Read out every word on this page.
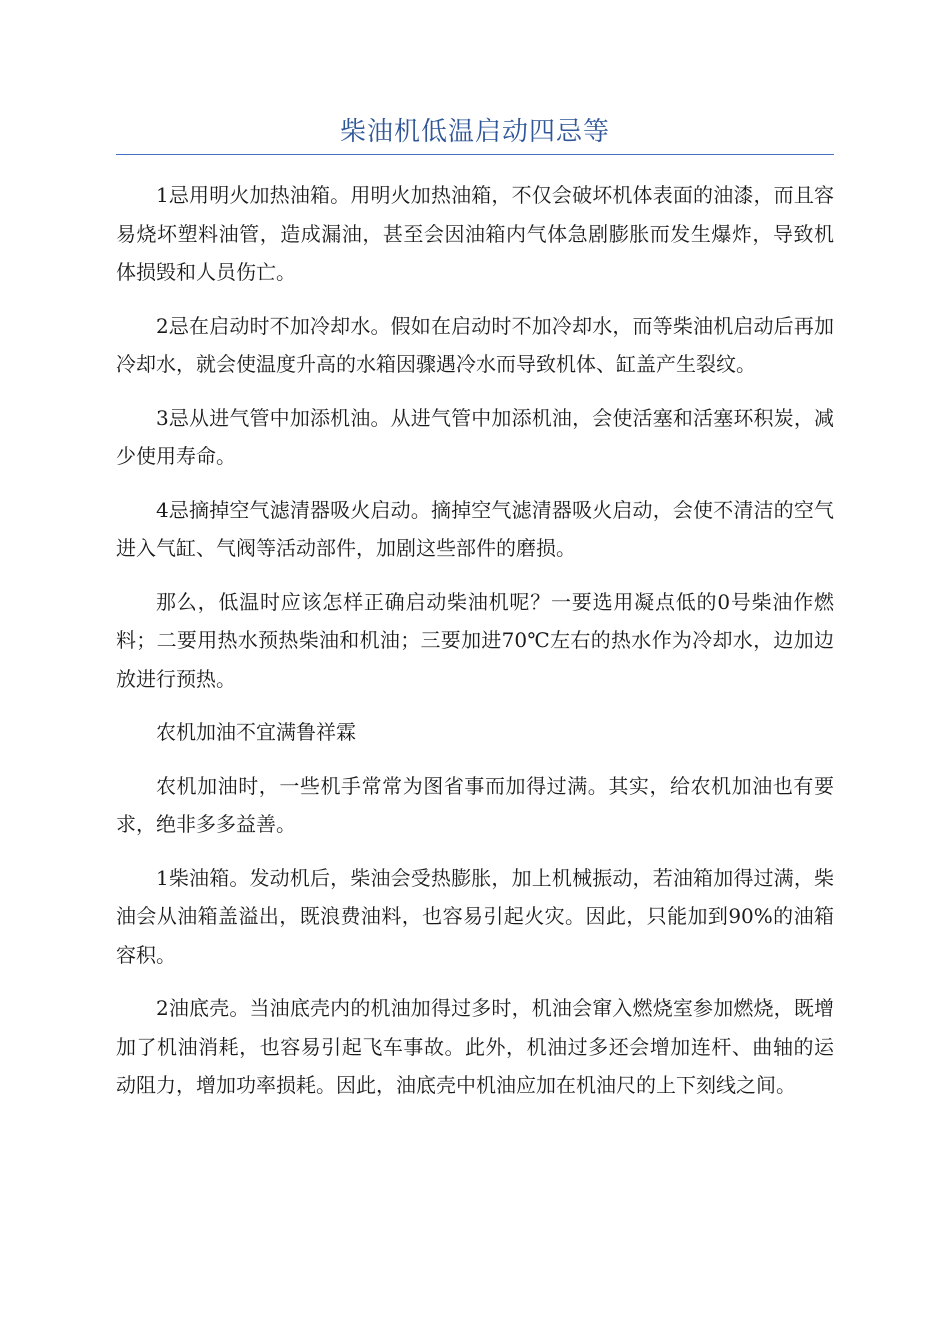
柴油机低温启动四忌等

1忌用明火加热油箱。用明火加热油箱，不仅会破坏机体表面的油漆，而且容易烧坏塑料油管，造成漏油，甚至会因油箱内气体急剧膨胀而发生爆炸，导致机体损毁和人员伤亡。

2忌在启动时不加冷却水。假如在启动时不加冷却水，而等柴油机启动后再加冷却水，就会使温度升高的水箱因骤遇冷水而导致机体、缸盖产生裂纹。

3忌从进气管中加添机油。从进气管中加添机油，会使活塞和活塞环积炭，减少使用寿命。

4忌摘掉空气滤清器吸火启动。摘掉空气滤清器吸火启动，会使不清洁的空气进入气缸、气阀等活动部件，加剧这些部件的磨损。

那么，低温时应该怎样正确启动柴油机呢？一要选用凝点低的0号柴油作燃料；二要用热水预热柴油和机油；三要加进70℃左右的热水作为冷却水，边加边放进行预热。

农机加油不宜满鲁祥霖

农机加油时，一些机手常常为图省事而加得过满。其实，给农机加油也有要求，绝非多多益善。

1柴油箱。发动机后，柴油会受热膨胀，加上机械振动，若油箱加得过满，柴油会从油箱盖溢出，既浪费油料，也容易引起火灾。因此，只能加到90%的油箱容积。

2油底壳。当油底壳内的机油加得过多时，机油会窜入燃烧室参加燃烧，既增加了机油消耗，也容易引起飞车事故。此外，机油过多还会增加连杆、曲轴的运动阻力，增加功率损耗。因此，油底壳中机油应加在机油尺的上下刻线之间。
